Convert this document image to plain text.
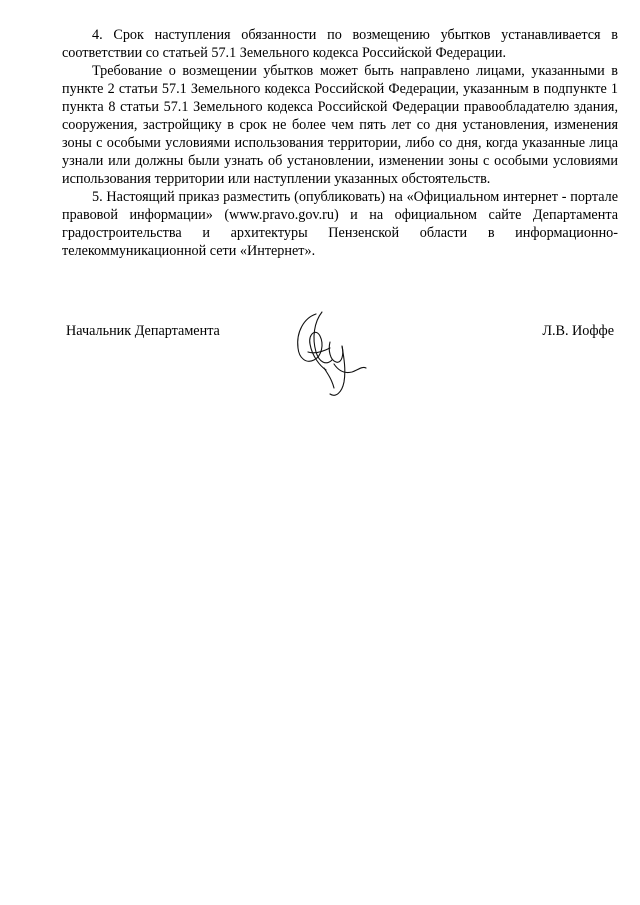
4. Срок наступления обязанности по возмещению убытков устанавливается в соответствии со статьей 57.1 Земельного кодекса Российской Федерации.

Требование о возмещении убытков может быть направлено лицами, указанными в пункте 2 статьи 57.1 Земельного кодекса Российской Федерации, указанным в подпункте 1 пункта 8 статьи 57.1 Земельного кодекса Российской Федерации правообладателю здания, сооружения, застройщику в срок не более чем пять лет со дня установления, изменения зоны с особыми условиями использования территории, либо со дня, когда указанные лица узнали или должны были узнать об установлении, изменении зоны с особыми условиями использования территории или наступлении указанных обстоятельств.

5. Настоящий приказ разместить (опубликовать) на «Официальном интернет - портале правовой информации» (www.pravo.gov.ru) и на официальном сайте Департамента градостроительства и архитектуры Пензенской области в информационно-телекоммуникационной сети «Интернет».

Начальник Департамента	Л.В. Иоффе
